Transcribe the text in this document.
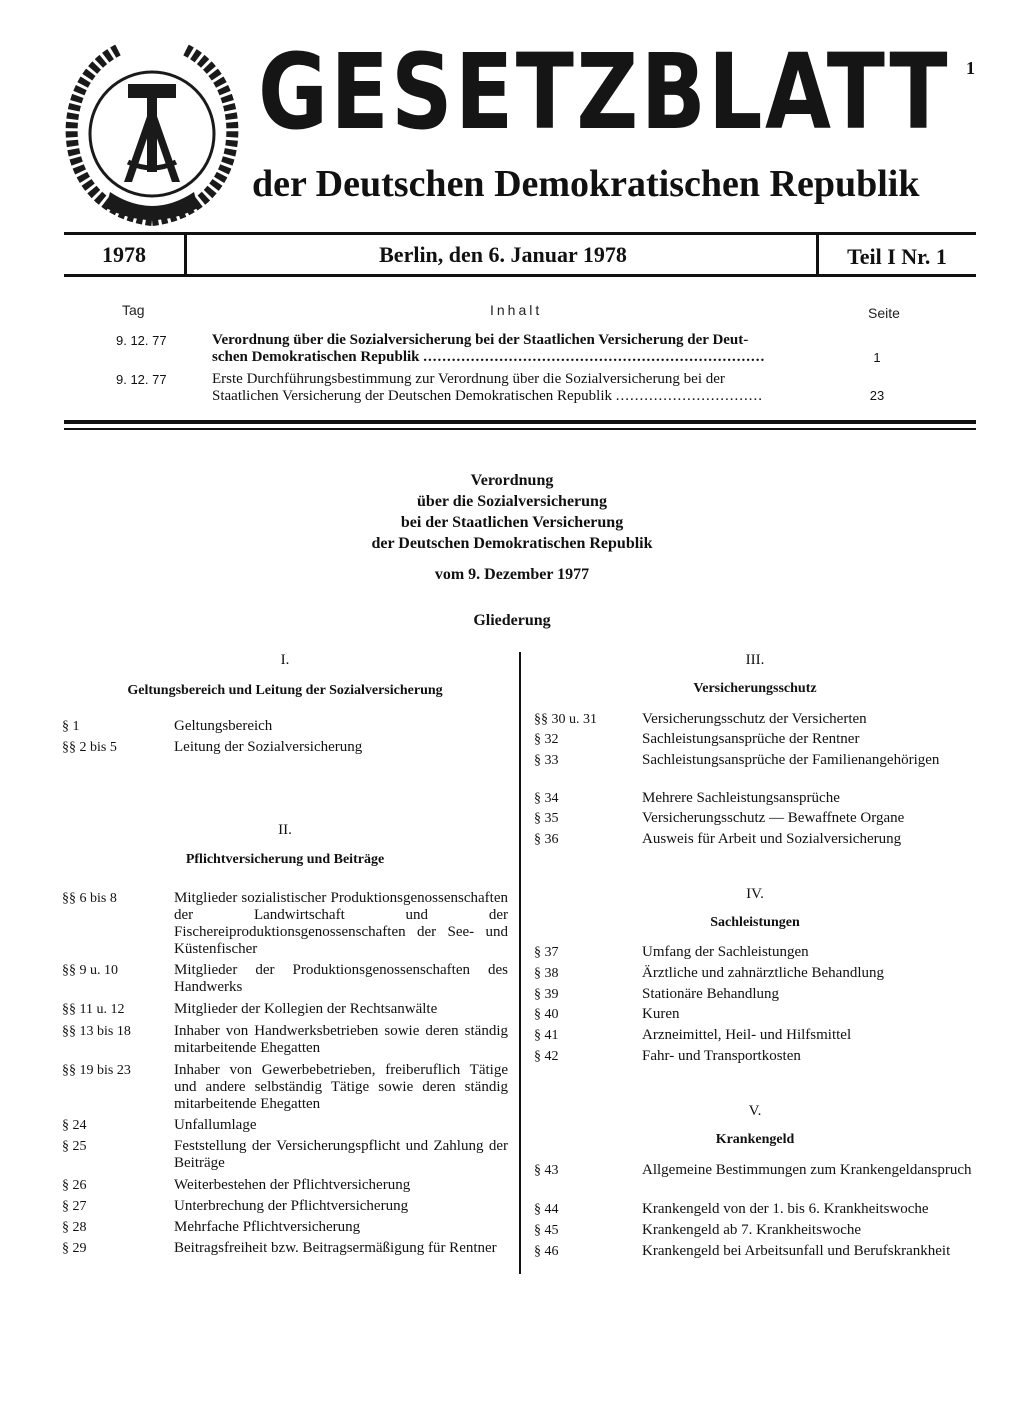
GESETZBLATT
der Deutschen Demokratischen Republik
1
1978	Berlin, den 6. Januar 1978	Teil I Nr. 1
Tag	Inhalt	Seite
9. 12. 77	Verordnung über die Sozialversicherung bei der Staatlichen Versicherung der Deut-
schen Demokratischen Republik ........................................................................	1
9. 12. 77	Erste Durchführungsbestimmung zur Verordnung über die Sozialversicherung bei der
Staatlichen Versicherung der Deutschen Demokratischen Republik ...............................	23
Verordnung
über die Sozialversicherung
bei der Staatlichen Versicherung
der Deutschen Demokratischen Republik
vom 9. Dezember 1977
Gliederung
I.
Geltungsbereich und Leitung der Sozialversicherung
§ 1	Geltungsbereich
§§ 2 bis 5	Leitung der Sozialversicherung
II.
Pflichtversicherung und Beiträge
§§ 6 bis 8	Mitglieder sozialistischer Produktionsgenossenschaften der Landwirtschaft und der Fischereiproduktionsgenossenschaften der See- und Küstenfischer
§§ 9 u. 10	Mitglieder der Produktionsgenossenschaften des Handwerks
§§ 11 u. 12	Mitglieder der Kollegien der Rechtsanwälte
§§ 13 bis 18	Inhaber von Handwerksbetrieben sowie deren ständig mitarbeitende Ehegatten
§§ 19 bis 23	Inhaber von Gewerbebetrieben, freiberuflich Tätige und andere selbständig Tätige sowie deren ständig mitarbeitende Ehegatten
§ 24	Unfallumlage
§ 25	Feststellung der Versicherungspflicht und Zahlung der Beiträge
§ 26	Weiterbestehen der Pflichtversicherung
§ 27	Unterbrechung der Pflichtversicherung
§ 28	Mehrfache Pflichtversicherung
§ 29	Beitragsfreiheit bzw. Beitragsermäßigung für Rentner
III.
Versicherungsschutz
§§ 30 u. 31	Versicherungsschutz der Versicherten
§ 32	Sachleistungsansprüche der Rentner
§ 33	Sachleistungsansprüche der Familienangehörigen
§ 34	Mehrere Sachleistungsansprüche
§ 35	Versicherungsschutz — Bewaffnete Organe
§ 36	Ausweis für Arbeit und Sozialversicherung
IV.
Sachleistungen
§ 37	Umfang der Sachleistungen
§ 38	Ärztliche und zahnärztliche Behandlung
§ 39	Stationäre Behandlung
§ 40	Kuren
§ 41	Arzneimittel, Heil- und Hilfsmittel
§ 42	Fahr- und Transportkosten
V.
Krankengeld
§ 43	Allgemeine Bestimmungen zum Krankengeldanspruch
§ 44	Krankengeld von der 1. bis 6. Krankheitswoche
§ 45	Krankengeld ab 7. Krankheitswoche
§ 46	Krankengeld bei Arbeitsunfall und Berufskrankheit
